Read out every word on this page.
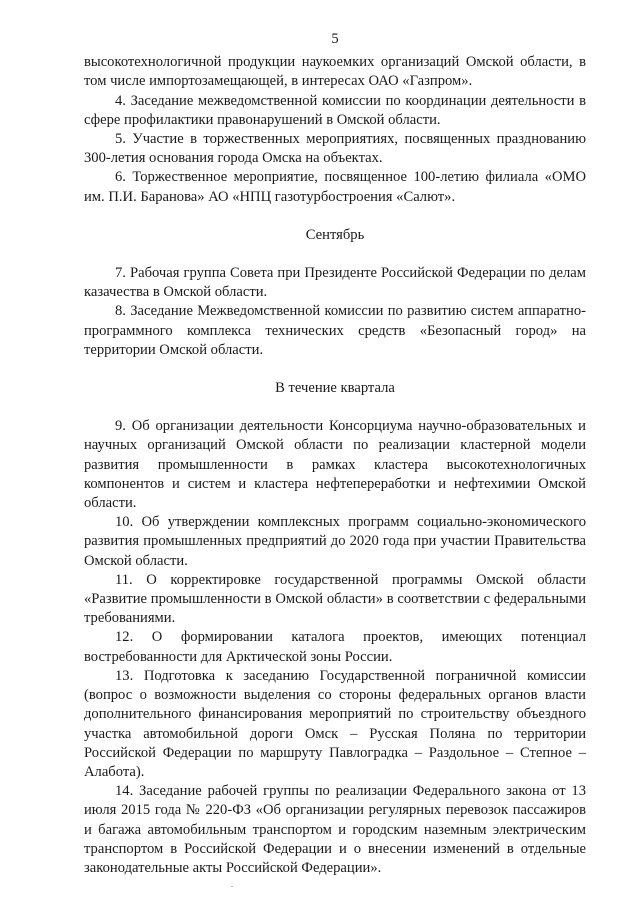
5

высокотехнологичной продукции наукоемких организаций Омской области, в том числе импортозамещающей, в интересах ОАО «Газпром».

4. Заседание межведомственной комиссии по координации деятельности в сфере профилактики правонарушений в Омской области.

5. Участие в торжественных мероприятиях, посвященных празднованию 300-летия основания города Омска на объектах.

6. Торжественное мероприятие, посвященное 100-летию филиала «ОМО им. П.И. Баранова» АО «НПЦ газотурбостроения «Салют».

Сентябрь

7. Рабочая группа Совета при Президенте Российской Федерации по делам казачества в Омской области.

8. Заседание Межведомственной комиссии по развитию систем аппаратно-программного комплекса технических средств «Безопасный город» на территории Омской области.

В течение квартала

9. Об организации деятельности Консорциума научно-образовательных и научных организаций Омской области по реализации кластерной модели развития промышленности в рамках кластера высокотехнологичных компонентов и систем и кластера нефтепереработки и нефтехимии Омской области.

10. Об утверждении комплексных программ социально-экономического развития промышленных предприятий до 2020 года при участии Правительства Омской области.

11. О корректировке государственной программы Омской области «Развитие промышленности в Омской области» в соответствии с федеральными требованиями.

12. О формировании каталога проектов, имеющих потенциал востребованности для Арктической зоны России.

13. Подготовка к заседанию Государственной пограничной комиссии (вопрос о возможности выделения со стороны федеральных органов власти дополнительного финансирования мероприятий по строительству объездного участка автомобильной дороги Омск – Русская Поляна по территории Российской Федерации по маршруту Павлоградка – Раздольное – Степное – Алабота).

14. Заседание рабочей группы по реализации Федерального закона от 13 июля 2015 года № 220-ФЗ «Об организации регулярных перевозок пассажиров и багажа автомобильным транспортом и городским наземным электрическим транспортом в Российской Федерации и о внесении изменений в отдельные законодательные акты Российской Федерации».
